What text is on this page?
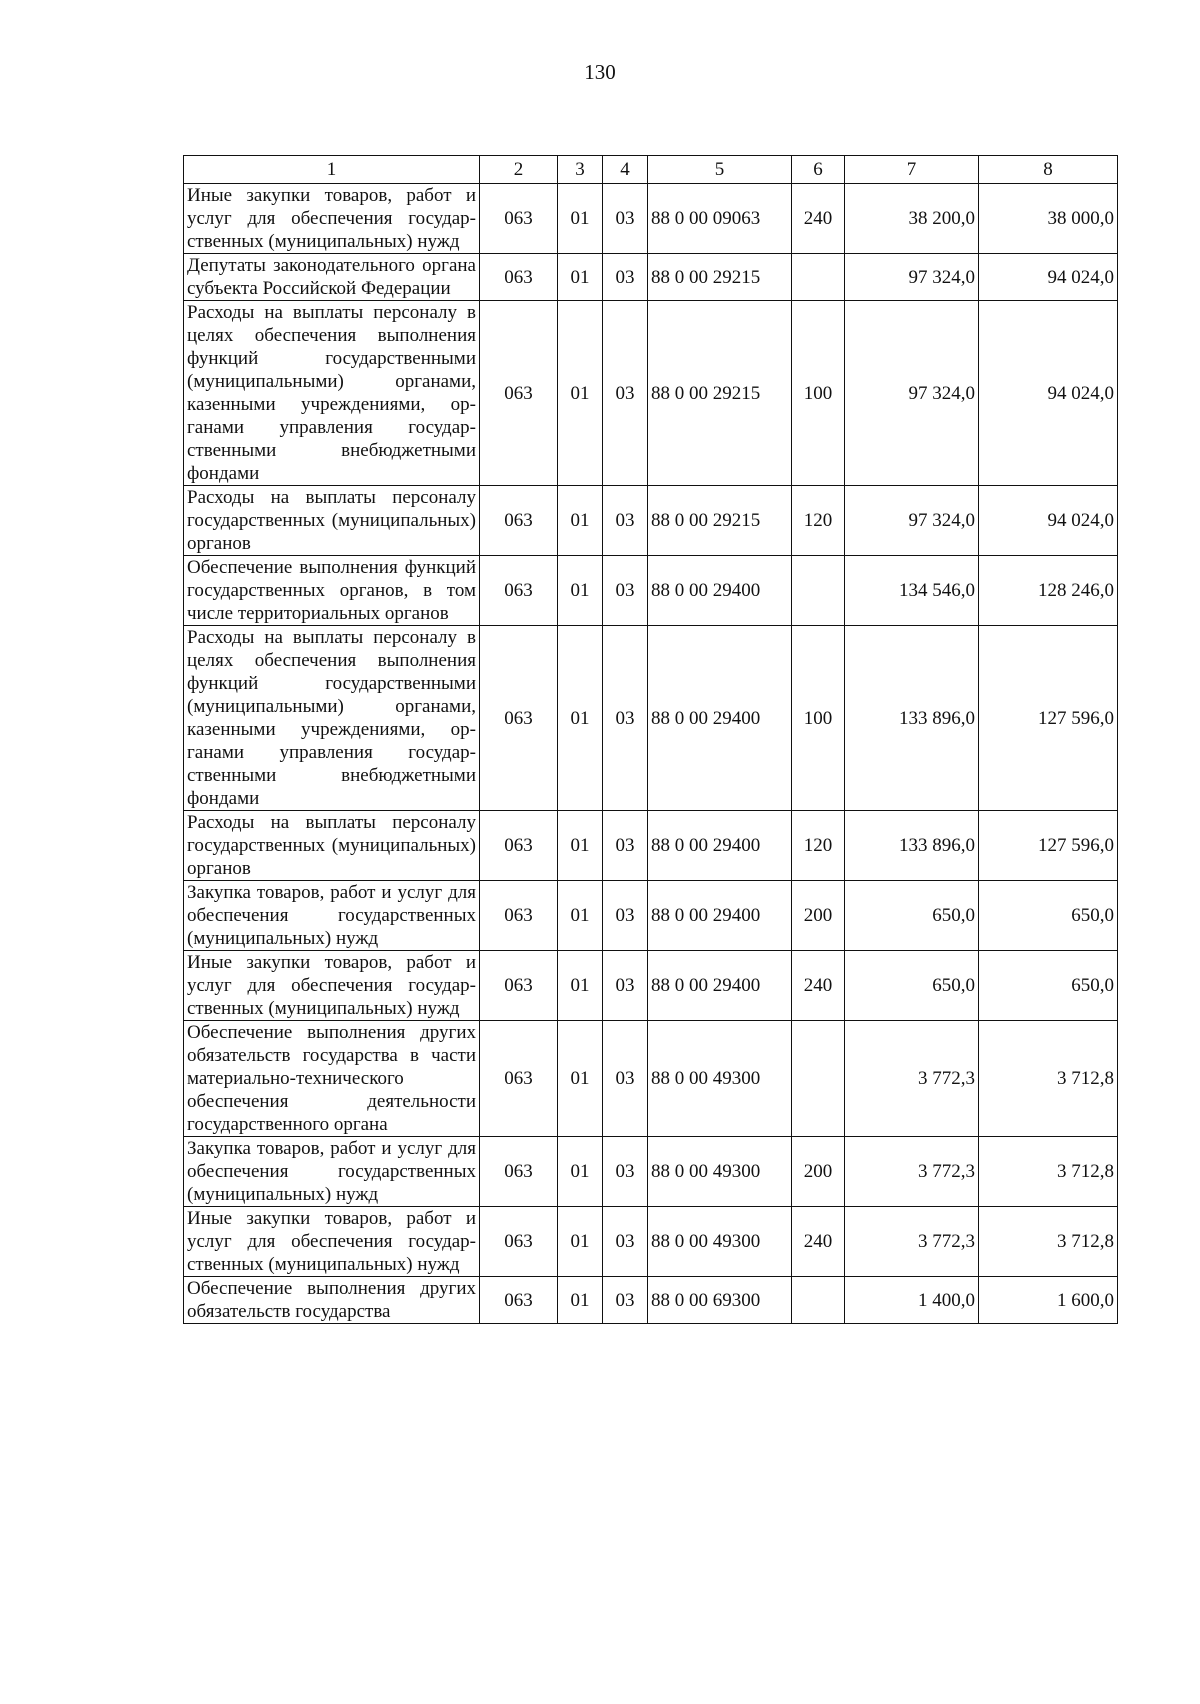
130
1	2	3	4	5	6	7	8
Иные закупки товаров, работ и услуг для обеспечения государственных (муниципальных) нужд	063	01	03	88 0 00 09063	240	38 200,0	38 000,0
Депутаты законодательного органа субъекта Российской Федерации	063	01	03	88 0 00 29215		97 324,0	94 024,0
Расходы на выплаты персоналу в целях обеспечения выполнения функций государственными (муниципальными) органами, казенными учреждениями, органами управления государственными внебюджетными фондами	063	01	03	88 0 00 29215	100	97 324,0	94 024,0
Расходы на выплаты персоналу государственных (муниципальных) органов	063	01	03	88 0 00 29215	120	97 324,0	94 024,0
Обеспечение выполнения функций государственных органов, в том числе территориальных органов	063	01	03	88 0 00 29400		134 546,0	128 246,0
Расходы на выплаты персоналу в целях обеспечения выполнения функций государственными (муниципальными) органами, казенными учреждениями, органами управления государственными внебюджетными фондами	063	01	03	88 0 00 29400	100	133 896,0	127 596,0
Расходы на выплаты персоналу государственных (муниципальных) органов	063	01	03	88 0 00 29400	120	133 896,0	127 596,0
Закупка товаров, работ и услуг для обеспечения государственных (муниципальных) нужд	063	01	03	88 0 00 29400	200	650,0	650,0
Иные закупки товаров, работ и услуг для обеспечения государственных (муниципальных) нужд	063	01	03	88 0 00 29400	240	650,0	650,0
Обеспечение выполнения других обязательств государства в части материально-технического обеспечения деятельности государственного органа	063	01	03	88 0 00 49300		3 772,3	3 712,8
Закупка товаров, работ и услуг для обеспечения государственных (муниципальных) нужд	063	01	03	88 0 00 49300	200	3 772,3	3 712,8
Иные закупки товаров, работ и услуг для обеспечения государственных (муниципальных) нужд	063	01	03	88 0 00 49300	240	3 772,3	3 712,8
Обеспечение выполнения других обязательств государства	063	01	03	88 0 00 69300		1 400,0	1 600,0
